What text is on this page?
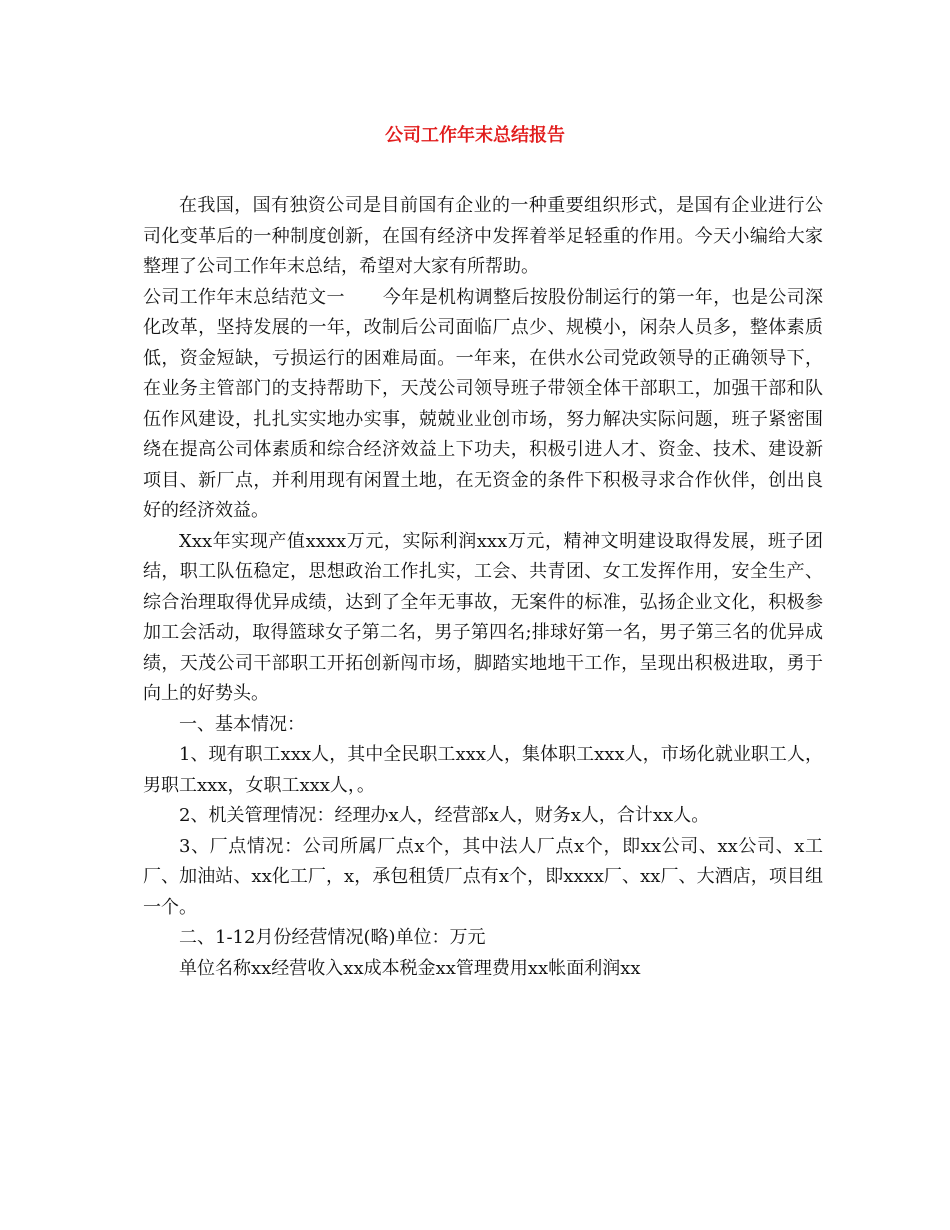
公司工作年末总结报告

在我国，国有独资公司是目前国有企业的一种重要组织形式，是国有企业进行公司化变革后的一种制度创新，在国有经济中发挥着举足轻重的作用。今天小编给大家整理了公司工作年末总结，希望对大家有所帮助。

公司工作年末总结范文一 今年是机构调整后按股份制运行的第一年，也是公司深化改革，坚持发展的一年，改制后公司面临厂点少、规模小，闲杂人员多，整体素质低，资金短缺，亏损运行的困难局面。一年来，在供水公司党政领导的正确领导下，在业务主管部门的支持帮助下，天茂公司领导班子带领全体干部职工，加强干部和队伍作风建设，扎扎实实地办实事，兢兢业业创市场，努力解决实际问题，班子紧密围绕在提高公司体素质和综合经济效益上下功夫，积极引进人才、资金、技术、建设新项目、新厂点，并利用现有闲置土地，在无资金的条件下积极寻求合作伙伴，创出良好的经济效益。

Xxx年实现产值xxxx万元，实际利润xxx万元，精神文明建设取得发展，班子团结，职工队伍稳定，思想政治工作扎实，工会、共青团、女工发挥作用，安全生产、综合治理取得优异成绩，达到了全年无事故，无案件的标准，弘扬企业文化，积极参加工会活动，取得篮球女子第二名，男子第四名;排球好第一名，男子第三名的优异成绩，天茂公司干部职工开拓创新闯市场，脚踏实地地干工作，呈现出积极进取，勇于向上的好势头。

一、基本情况：

1、现有职工xxx人，其中全民职工xxx人，集体职工xxx人，市场化就业职工人，男职工xxx，女职工xxx人，。

2、机关管理情况：经理办x人，经营部x人，财务x人，合计xx人。

3、厂点情况：公司所属厂点x个，其中法人厂点x个，即xx公司、xx公司、x工厂、加油站、xx化工厂，x，承包租赁厂点有x个，即xxxx厂、xx厂、大酒店，项目组一个。

二、1-12月份经营情况(略)单位：万元

单位名称xx经营收入xx成本税金xx管理费用xx帐面利润xx
